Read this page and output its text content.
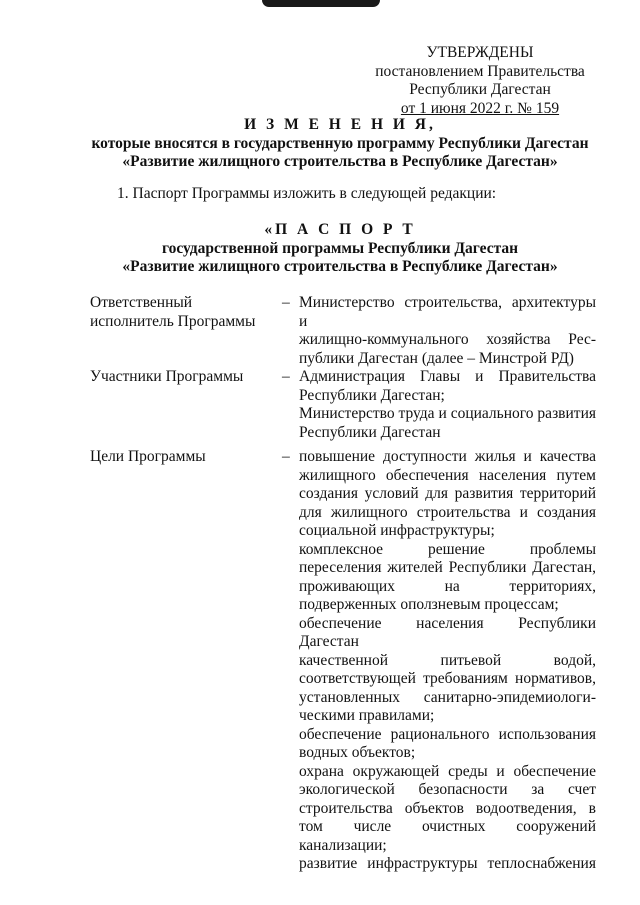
УТВЕРЖДЕНЫ
постановлением Правительства
Республики Дагестан
от 1 июня 2022 г. № 159
И З М Е Н Е Н И Я,
которые вносятся в государственную программу Республики Дагестан
«Развитие жилищного строительства в Республике Дагестан»
1. Паспорт Программы изложить в следующей редакции:
«П А С П О Р Т
государственной программы Республики Дагестан
«Развитие жилищного строительства в Республике Дагестан»
Ответственный
исполнитель Программы
– Министерство строительства, архитектуры и
жилищно-коммунального хозяйства Рес-
публики Дагестан (далее – Минстрой РД)
Участники Программы	– Администрация Главы и Правительства
Республики Дагестан;
Министерство труда и социального развития
Республики Дагестан
Цели Программы	– повышение доступности жилья и качества
жилищного обеспечения населения путем
создания условий для развития территорий
для жилищного строительства и создания
социальной инфраструктуры;
комплексное решение проблемы
переселения жителей Республики Дагестан,
проживающих на территориях,
подверженных оползневым процессам;
обеспечение населения Республики Дагестан
качественной питьевой водой,
соответствующей требованиям нормативов,
установленных санитарно-эпидемиологи-
ческими правилами;
обеспечение рационального использования
водных объектов;
охрана окружающей среды и обеспечение
экологической безопасности за счет
строительства объектов водоотведения, в
том числе очистных сооружений
канализации;
развитие инфраструктуры теплоснабжения
